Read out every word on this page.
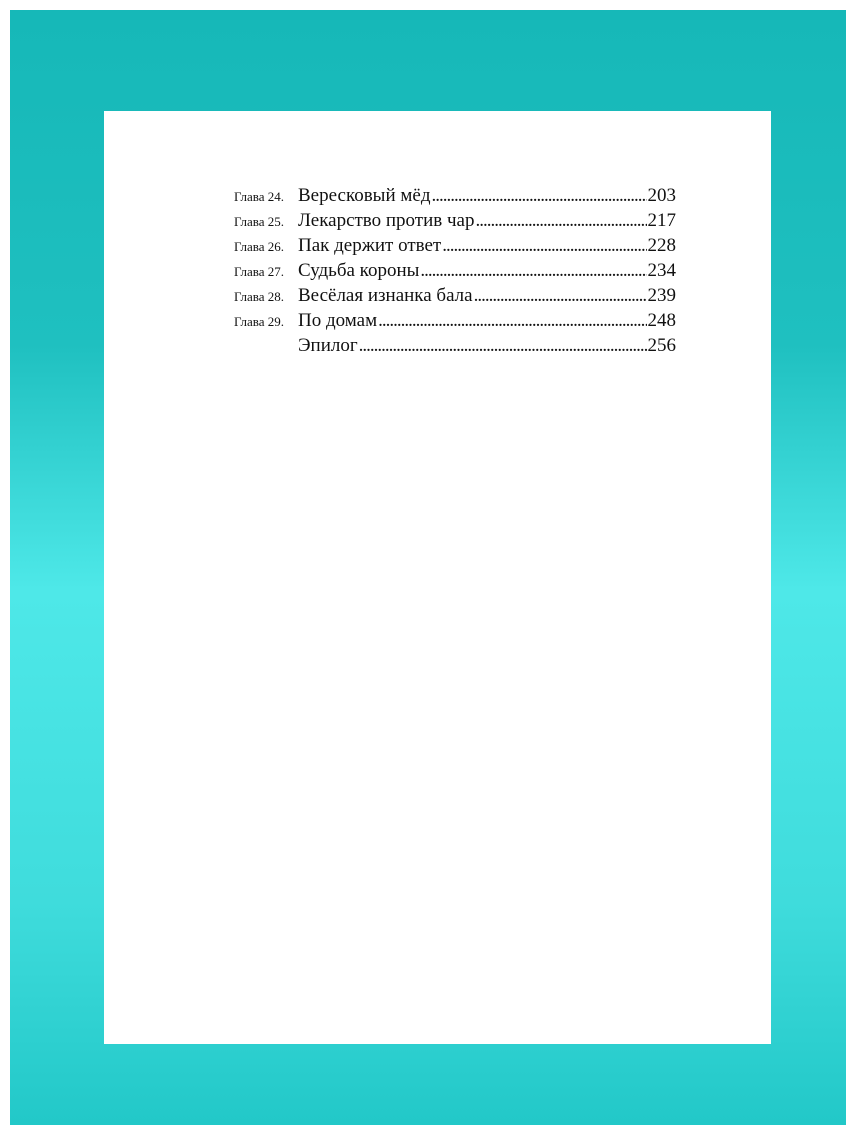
Глава 24. Вересковый мёд .....	203
Глава 25. Лекарство против чар .....	217
Глава 26. Пак держит ответ .....	228
Глава 27. Судьба короны .....	234
Глава 28. Весёлая изнанка бала .....	239
Глава 29. По домам .....	248
Эпилог .....	256
